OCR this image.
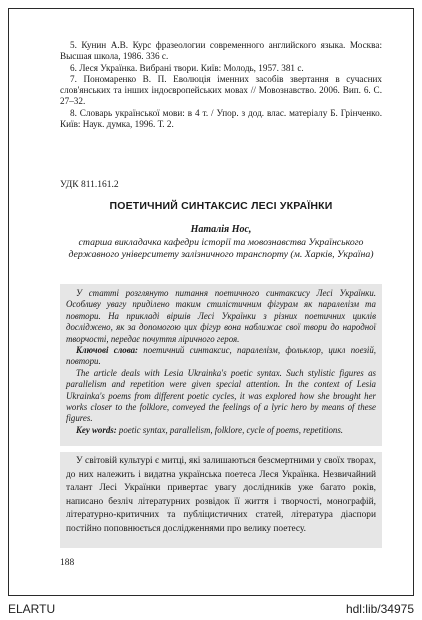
5. Кунин А.В. Курс фразеологии современного английского языка. Москва: Высшая школа, 1986. 336 с.

6. Леся Українка. Вибрані твори. Київ: Молодь, 1957. 381 с.

7. Пономаренко В. П. Еволюція іменних засобів звертання в сучасних слов'янських та інших індоєвропейських мовах // Мовознавство. 2006. Вип. 6. С. 27–32.

8. Словарь української мови: в 4 т. / Упор. з дод. влас. матеріалу Б. Грінченко. Київ: Наук. думка, 1996. Т. 2.

УДК 811.161.2
ПОЕТИЧНИЙ СИНТАКСИС ЛЕСІ УКРАЇНКИ
Наталія Нос,
старша викладачка кафедри історії та мовознавства Українського державного університету залізничного транспорту (м. Харків, Україна)

У статті розглянуто питання поетичного синтаксису Лесі Українки. Особливу увагу приділено таким стилістичним фігурам як паралелізм та повтори. На прикладі віршів Лесі Українки з різних поетичних циклів досліджено, як за допомогою цих фігур вона наближає свої твори до народної творчості, передає почуття ліричного героя.

Ключові слова: поетичний синтаксис, паралелізм, фольклор, цикл поезій, повтори.

The article deals with Lesia Ukrainka's poetic syntax. Such stylistic figures as parallelism and repetition were given special attention. In the context of Lesia Ukrainka's poems from different poetic cycles, it was explored how she brought her works closer to the folklore, conveyed the feelings of a lyric hero by means of these figures.

Key words: poetic syntax, parallelism, folklore, cycle of poems, repetitions.

У світовій культурі є митці, які залишаються безсмертними у своїх творах, до них належить і видатна українська поетеса Леся Українка. Незвичайний талант Лесі Українки привертає увагу дослідників уже багато років, написано безліч літературних розвідок її життя і творчості, монографій, літературно-критичних та публіцистичних статей, література діаспори постійно поповнюється дослідженнями про велику поетесу.

188
ELARTU	hdl:lib/34975
